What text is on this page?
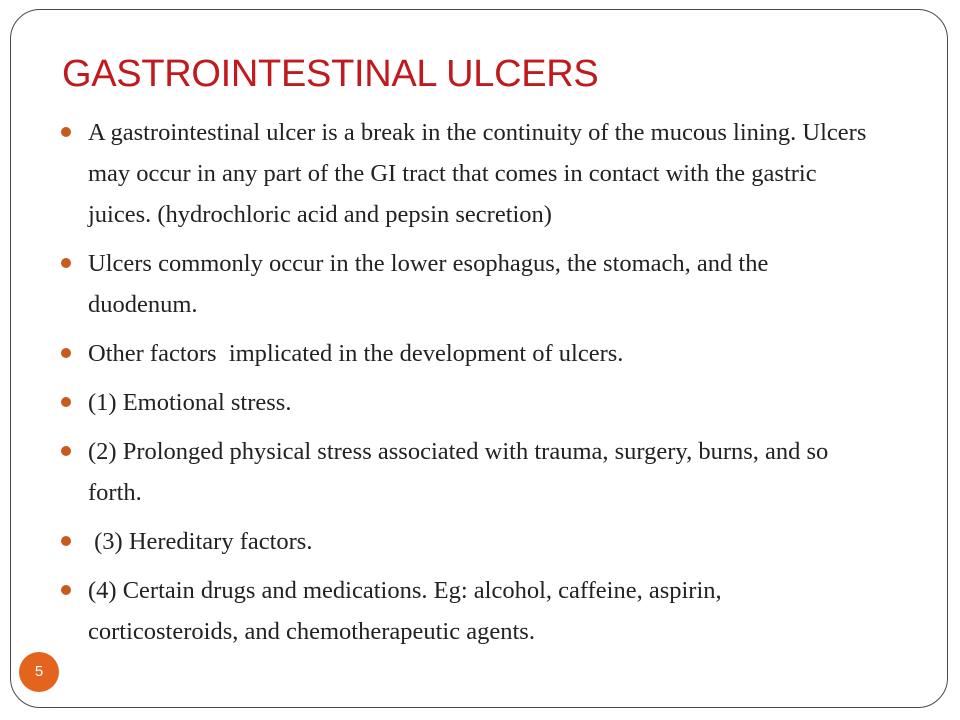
GASTROINTESTINAL ULCERS
A gastrointestinal ulcer is a break in the continuity of the mucous lining. Ulcers may occur in any part of the GI tract that comes in contact with the gastric juices. (hydrochloric acid and pepsin secretion)
Ulcers commonly occur in the lower esophagus, the stomach, and the duodenum.
Other factors  implicated in the development of ulcers.
(1) Emotional stress.
(2) Prolonged physical stress associated with trauma, surgery, burns, and so forth.
(3) Hereditary factors.
(4) Certain drugs and medications. Eg: alcohol, caffeine, aspirin, corticosteroids, and chemotherapeutic agents.
5
